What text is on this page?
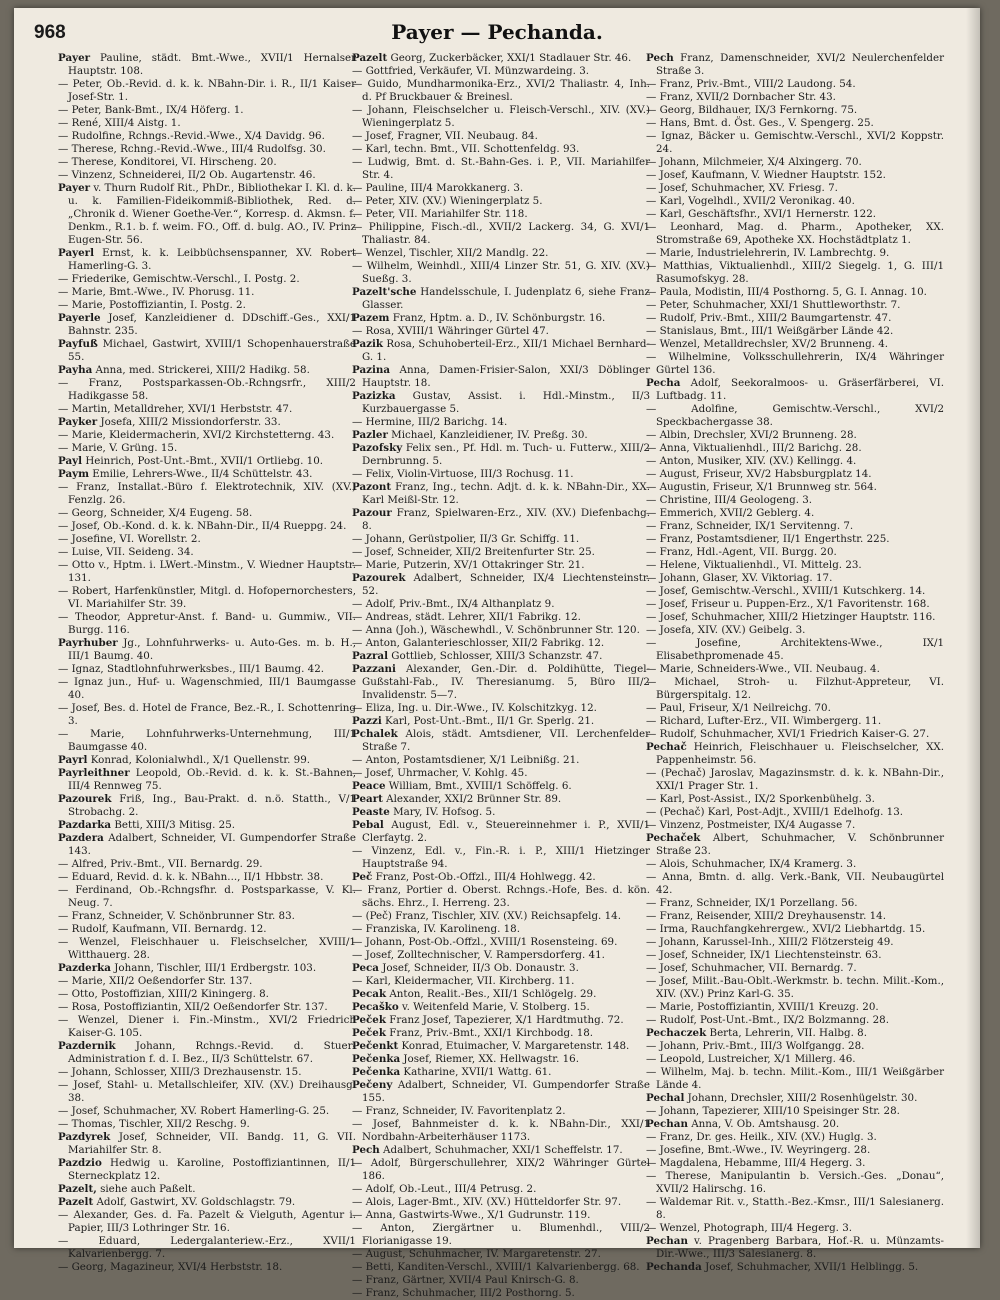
968	Payer — Pechanda.

Payer Pauline, städt. Bmt.-Wwe., XVII/1 Hernalser Hauptstr. 108.

— Peter, Ob.-Revid. d. k. k. NBahn-Dir. i. R., II/1 Kaiser Josef-Str. 1.

— Peter, Bank-Bmt., IX/4 Höferg. 1.

— René, XIII/4 Aistg. 1.

— Rudolfine, Rchngs.-Revid.-Wwe., X/4 Davidg. 96.

— Therese, Rchng.-Revid.-Wwe., III/4 Rudolfsg. 30.

— Therese, Konditorei, VI. Hirscheng. 20.

— Vinzenz, Schneiderei, II/2 Ob. Augartenstr. 46.

Payer v. Thurn Rudolf Rit., PhDr., Bibliothekar I. Kl. d. k. u. k. Familien-Fideikommiß-Bibliothek, Red. d. „Chronik d. Wiener Goethe-Ver.“, Korresp. d. Akmsn. f. Denkm., R.1. b. f. weim. FO., Off. d. bulg. AO., IV. Prinz Eugen-Str. 56.

Payerl Ernst, k. k. Leibbüchsenspanner, XV. Robert Hamerling-G. 3.

— Friederike, Gemischtw.-Verschl., I. Postg. 2.

— Marie, Bmt.-Wwe., IV. Phorusg. 11.

— Marie, Postoffiziantin, I. Postg. 2.

Payerle Josef, Kanzleidiener d. DDschiff.-Ges., XXI/1 Bahnstr. 235.

Payfuß Michael, Gastwirt, XVIII/1 Schopenhauerstraße 55.

Payha Anna, med. Strickerei, XIII/2 Hadikg. 58.

— Franz, Postsparkassen-Ob.-Rchngsrfr., XIII/2 Hadikgasse 58.

— Martin, Metalldreher, XVI/1 Herbststr. 47.

Payker Josefa, XIII/2 Missiondorferstr. 33.

— Marie, Kleidermacherin, XVI/2 Kirchstetterng. 43.

— Marie, V. Grüng. 15.

Payl Heinrich, Post-Unt.-Bmt., XVII/1 Ortliebg. 10.

Paym Emilie, Lehrers-Wwe., II/4 Schüttelstr. 43.

— Franz, Installat.-Büro f. Elektrotechnik, XIV. (XV.) Fenzlg. 26.

— Georg, Schneider, X/4 Eugeng. 58.

— Josef, Ob.-Kond. d. k. k. NBahn-Dir., II/4 Rueppg. 24.

— Josefine, VI. Worellstr. 2.

— Luise, VII. Seideng. 34.

— Otto v., Hptm. i. LWert.-Minstm., V. Wiedner Hauptstr. 131.

— Robert, Harfenkünstler, Mitgl. d. Hofopernorchesters, VI. Mariahilfer Str. 39.

— Theodor, Appretur-Anst. f. Band- u. Gummiw., VII. Burgg. 116.

Payrhuber Jg., Lohnfuhrwerks- u. Auto-Ges. m. b. H., III/1 Baumg. 40.

— Ignaz, Stadtlohnfuhrwerksbes., III/1 Baumg. 42.

— Ignaz jun., Huf- u. Wagenschmied, III/1 Baumgasse 40.

— Josef, Bes. d. Hotel de France, Bez.-R., I. Schottenring 3.

— Marie, Lohnfuhrwerks-Unternehmung, III/1 Baumgasse 40.

Payrl Konrad, Kolonialwhdl., X/1 Quellenstr. 99.

Payrleithner Leopold, Ob.-Revid. d. k. k. St.-Bahnen, III/4 Rennweg 75.

Pazourek Friß, Ing., Bau-Prakt. d. n.ö. Statth., V/1 Strobachg. 2.

Pazdarka Betti, XIII/3 Mitisg. 25.

Pazdera Adalbert, Schneider, VI. Gumpendorfer Straße 143.

— Alfred, Priv.-Bmt., VII. Bernardg. 29.

— Eduard, Revid. d. k. k. NBahn..., II/1 Hbbstr. 38.

— Ferdinand, Ob.-Rchngsfhr. d. Postsparkasse, V. Kl. Neug. 7.

— Franz, Schneider, V. Schönbrunner Str. 83.

— Rudolf, Kaufmann, VII. Bernardg. 12.

— Wenzel, Fleischhauer u. Fleischselcher, XVIII/1 Witthauerg. 28.

Pazderka Johann, Tischler, III/1 Erdbergstr. 103.

— Marie, XII/2 Oeßendorfer Str. 137.

— Otto, Postoffizian, XIII/2 Kiningerg. 8.

— Rosa, Postoffiziantin, XII/2 Oeßendorfer Str. 137.

— Wenzel, Diener i. Fin.-Minstm., XVI/2 Friedrich Kaiser-G. 105.

Pazdernik Johann, Rchngs.-Revid. d. Stuer-Administration f. d. I. Bez., II/3 Schüttelstr. 67.

— Johann, Schlosser, XIII/3 Drezhausenstr. 15.

— Josef, Stahl- u. Metallschleifer, XIV. (XV.) Dreihausg. 38.

— Josef, Schuhmacher, XV. Robert Hamerling-G. 25.

— Thomas, Tischler, XII/2 Reschg. 9.

Pazdyrek Josef, Schneider, VII. Bandg. 11, G. VII. Mariahilfer Str. 8.

Pazdzio Hedwig u. Karoline, Postoffiziantinnen, II/1 Sterneckplatz 12.

Pazelt, siehe auch Paßelt.

Pazelt Adolf, Gastwirt, XV. Goldschlagstr. 79.

— Alexander, Ges. d. Fa. Pazelt & Vielguth, Agentur i. Papier, III/3 Lothringer Str. 16.

— Eduard, Ledergalanteriew.-Erz., XVII/1 Kalvarienbergg. 7.

— Georg, Magazineur, XVI/4 Herbststr. 18.

Pazelt Georg, Zuckerbäcker, XXI/1 Stadlauer Str. 46.

— Gottfried, Verkäufer, VI. Münzwardeing. 3.

— Guido, Mundharmonika-Erz., XVI/2 Thaliastr. 4, Inh. d. Pf Bruckbauer & Breinesl.

— Johann, Fleischselcher u. Fleisch-Verschl., XIV. (XV.) Wieningerplatz 5.

— Josef, Fragner, VII. Neubaug. 84.

— Karl, techn. Bmt., VII. Schottenfeldg. 93.

— Ludwig, Bmt. d. St.-Bahn-Ges. i. P., VII. Mariahilfer Str. 4.

— Pauline, III/4 Marokkanerg. 3.

— Peter, XIV. (XV.) Wieningerplatz 5.

— Peter, VII. Mariahilfer Str. 118.

— Philippine, Fisch.-dl., XVII/2 Lackerg. 34, G. XVI/1 Thaliastr. 84.

— Wenzel, Tischler, XII/2 Mandlg. 22.

— Wilhelm, Weinhdl., XIII/4 Linzer Str. 51, G. XIV. (XV.) Sueßg. 3.

Pazelt'sche Handelsschule, I. Judenplatz 6, siehe Franz Glasser.

Pazem Franz, Hptm. a. D., IV. Schönburgstr. 16.

— Rosa, XVIII/1 Währinger Gürtel 47.

Pazik Rosa, Schuhoberteil-Erz., XII/1 Michael Bernhard-G. 1.

Pazina Anna, Damen-Frisier-Salon, XXI/3 Döblinger Hauptstr. 18.

Pazizka Gustav, Assist. i. Hdl.-Minstm., II/3 Kurzbauergasse 5.

— Hermine, III/2 Barichg. 14.

Pazler Michael, Kanzleidiener, IV. Preßg. 30.

Pazofsky Felix sen., Pf. Hdl. m. Tuch- u. Futterw., XIII/2 Dernbrunng. 5.

— Felix, Violin-Virtuose, III/3 Rochusg. 11.

Pazont Franz, Ing., techn. Adjt. d. k. k. NBahn-Dir., XX. Karl Meißl-Str. 12.

Pazour Franz, Spielwaren-Erz., XIV. (XV.) Diefenbachg. 8.

— Johann, Gerüstpolier, II/3 Gr. Schiffg. 11.

— Josef, Schneider, XII/2 Breitenfurter Str. 25.

— Marie, Putzerin, XV/1 Ottakringer Str. 21.

Pazourek Adalbert, Schneider, IX/4 Liechtensteinstr. 52.

— Adolf, Priv.-Bmt., IX/4 Althanplatz 9.

— Andreas, städt. Lehrer, XII/1 Fabrikg. 12.

— Anna (Joh.), Wäschewhdl., V. Schönbrunner Str. 120.

— Anton, Galanterieschlosser, XII/2 Fabrikg. 12.

Pazral Gottlieb, Schlosser, XIII/3 Schanzstr. 47.

Pazzani Alexander, Gen.-Dir. d. Poldihütte, Tiegel-Gußstahl-Fab., IV. Theresianumg. 5, Büro III/2 Invalidenstr. 5—7.

— Eliza, Ing. u. Dir.-Wwe., IV. Kolschitzkyg. 12.

Pazzi Karl, Post-Unt.-Bmt., II/1 Gr. Sperlg. 21.

Pchalek Alois, städt. Amtsdiener, VII. Lerchenfelder Straße 7.

— Anton, Postamtsdiener, X/1 Leibnißg. 21.

— Josef, Uhrmacher, V. Kohlg. 45.

Peace William, Bmt., XVIII/1 Schöffelg. 6.

Peart Alexander, XXI/2 Brünner Str. 89.

Peaste Mary, IV. Hofsog. 5.

Pebal August, Edl. v., Steuereinnehmer i. P., XVII/1 Clerfaytg. 2.

— Vinzenz, Edl. v., Fin.-R. i. P., XIII/1 Hietzinger Hauptstraße 94.

Peč Franz, Post-Ob.-Offzl., III/4 Hohlwegg. 42.

— Franz, Portier d. Oberst. Rchngs.-Hofe, Bes. d. kön. sächs. Ehrz., I. Herreng. 23.

— (Peč) Franz, Tischler, XIV. (XV.) Reichsapfelg. 14.

— Franziska, IV. Karolineng. 18.

— Johann, Post-Ob.-Offzl., XVIII/1 Rosensteing. 69.

— Josef, Zolltechnischer, V. Rampersdorferg. 41.

Peca Josef, Schneider, II/3 Ob. Donaustr. 3.

— Karl, Kleidermacher, VII. Kirchberg. 11.

Pecak Anton, Realit.-Bes., XII/1 Schlögelg. 29.

Pecaško v. Weitenfeld Marie, V. Stolberg. 15.

Peček Franz Josef, Tapezierer, X/1 Hardtmuthg. 72.

Peček Franz, Priv.-Bmt., XXI/1 Kirchbodg. 18.

Pečenkt Konrad, Etuimacher, V. Margaretenstr. 148.

Pečenka Josef, Riemer, XX. Hellwagstr. 16.

Pečenka Katharine, XVII/1 Wattg. 61.

Pečeny Adalbert, Schneider, VI. Gumpendorfer Straße 155.

— Franz, Schneider, IV. Favoritenplatz 2.

— Josef, Bahnmeister d. k. k. NBahn-Dir., XXI/1 Nordbahn-Arbeiterhäuser 1173.

Pech Adalbert, Schuhmacher, XXI/1 Scheffelstr. 17.

— Adolf, Bürgerschullehrer, XIX/2 Währinger Gürtel 186.

— Adolf, Ob.-Leut., III/4 Petrusg. 2.

— Alois, Lager-Bmt., XIV. (XV.) Hütteldorfer Str. 97.

— Anna, Gastwirts-Wwe., X/1 Gudrunstr. 119.

— Anton, Ziergärtner u. Blumenhdl., VIII/2 Florianigasse 19.

— August, Schuhmacher, IV. Margaretenstr. 27.

— Betti, Kanditen-Verschl., XVIII/1 Kalvarienbergg. 68.

— Franz, Gärtner, XVII/4 Paul Knirsch-G. 8.

— Franz, Schuhmacher, III/2 Posthorng. 5.

Pech Franz, Damenschneider, XVI/2 Neulerchenfelder Straße 3.

— Franz, Priv.-Bmt., VIII/2 Laudong. 54.

— Franz, XVII/2 Dornbacher Str. 43.

— Georg, Bildhauer, IX/3 Fernkorng. 75.

— Hans, Bmt. d. Öst. Ges., V. Spengerg. 25.

— Ignaz, Bäcker u. Gemischtw.-Verschl., XVI/2 Koppstr. 24.

— Johann, Milchmeier, X/4 Alxingerg. 70.

— Josef, Kaufmann, V. Wiedner Hauptstr. 152.

— Josef, Schuhmacher, XV. Friesg. 7.

— Karl, Vogelhdl., XVII/2 Veronikag. 40.

— Karl, Geschäftsfhr., XVI/1 Hernerstr. 122.

— Leonhard, Mag. d. Pharm., Apotheker, XX. Stromstraße 69, Apotheke XX. Hochstädtplatz 1.

— Marie, Industrielehrerin, IV. Lambrechtg. 9.

— Matthias, Viktualienhdl., XIII/2 Siegelg. 1, G. III/1 Rasumofskyg. 28.

— Paula, Modistin, III/4 Posthorng. 5, G. I. Annag. 10.

— Peter, Schuhmacher, XXI/1 Shuttleworthstr. 7.

— Rudolf, Priv.-Bmt., XIII/2 Baumgartenstr. 47.

— Stanislaus, Bmt., III/1 Weißgärber Lände 42.

— Wenzel, Metalldrechsler, XV/2 Brunneng. 4.

— Wilhelmine, Volksschullehrerin, IX/4 Währinger Gürtel 136.

Pecha Adolf, Seekoralmoos- u. Gräserfärberei, VI. Luftbadg. 11.

— Adolfine, Gemischtw.-Verschl., XVI/2 Speckbachergasse 38.

— Albin, Drechsler, XVI/2 Brunneng. 28.

— Anna, Viktualienhdl., III/2 Barichg. 28.

— Anton, Musiker, XIV. (XV.) Kellingg. 4.

— August, Friseur, XV/2 Habsburgplatz 14.

— Augustin, Friseur, X/1 Brunnweg str. 564.

— Christine, III/4 Geologeng. 3.

— Emmerich, XVII/2 Geblerg. 4.

— Franz, Schneider, IX/1 Servitenng. 7.

— Franz, Postamtsdiener, II/1 Engerthstr. 225.

— Franz, Hdl.-Agent, VII. Burgg. 20.

— Helene, Viktualienhdl., VI. Mittelg. 23.

— Johann, Glaser, XV. Viktoriag. 17.

— Josef, Gemischtw.-Verschl., XVIII/1 Kutschkerg. 14.

— Josef, Friseur u. Puppen-Erz., X/1 Favoritenstr. 168.

— Josef, Schuhmacher, XIII/2 Hietzinger Hauptstr. 116.

— Josefa, XIV. (XV.) Geibelg. 3.

— Josefine, Architektens-Wwe., IX/1 Elisabethpromenade 45.

— Marie, Schneiders-Wwe., VII. Neubaug. 4.

— Michael, Stroh- u. Filzhut-Appreteur, VI. Bürgerspitalg. 12.

— Paul, Friseur, X/1 Neilreichg. 70.

— Richard, Lufter-Erz., VII. Wimbergerg. 11.

— Rudolf, Schuhmacher, XVI/1 Friedrich Kaiser-G. 27.

Pechač Heinrich, Fleischhauer u. Fleischselcher, XX. Pappenheimstr. 56.

— (Pechač) Jaroslav, Magazinsmstr. d. k. k. NBahn-Dir., XXI/1 Prager Str. 1.

— Karl, Post-Assist., IX/2 Sporkenbühelg. 3.

— (Pechač) Karl, Post-Adjt., XVIII/1 Edelhofg. 13.

— Vinzenz, Postmeister, IX/4 Augasse 7.

Pechaček Albert, Schuhmacher, V. Schönbrunner Straße 23.

— Alois, Schuhmacher, IX/4 Kramerg. 3.

— Anna, Bmtn. d. allg. Verk.-Bank, VII. Neubaugürtel 42.

— Franz, Schneider, IX/1 Porzellang. 56.

— Franz, Reisender, XIII/2 Dreyhausenstr. 14.

— Irma, Rauchfangkehrergew., XVI/2 Liebhartdg. 15.

— Johann, Karussel-Inh., XIII/2 Flötzersteig 49.

— Josef, Schneider, IX/1 Liechtensteinstr. 63.

— Josef, Schuhmacher, VII. Bernardg. 7.

— Josef, Milit.-Bau-Oblt.-Werkmstr. b. techn. Milit.-Kom., XIV. (XV.) Prinz Karl-G. 35.

— Marie, Postoffiziantin, XVIII/1 Kreuzg. 20.

— Rudolf, Post-Unt.-Bmt., IX/2 Bolzmanng. 28.

Pechaczek Berta, Lehrerin, VII. Halbg. 8.

— Johann, Priv.-Bmt., III/3 Wolfgangg. 28.

— Leopold, Lustreicher, X/1 Millerg. 46.

— Wilhelm, Maj. b. techn. Milit.-Kom., III/1 Weißgärber Lände 4.

Pechal Johann, Drechsler, XIII/2 Rosenhügelstr. 30.

— Johann, Tapezierer, XIII/10 Speisinger Str. 28.

Pechan Anna, V. Ob. Amtshausg. 20.

— Franz, Dr. ges. Heilk., XIV. (XV.) Huglg. 3.

— Josefine, Bmt.-Wwe., IV. Weyringerg. 28.

— Magdalena, Hebamme, III/4 Hegerg. 3.

— Therese, Manipulantin b. Versich.-Ges. „Donau“, XVII/2 Halirschg. 16.

— Waldemar Rit. v., Statth.-Bez.-Kmsr., III/1 Salesianerg. 8.

— Wenzel, Photograph, III/4 Hegerg. 3.

Pechan v. Pragenberg Barbara, Hof.-R. u. Münzamts-Dir.-Wwe., III/3 Salesianerg. 8.

Pechanda Josef, Schuhmacher, XVII/1 Helblingg. 5.
